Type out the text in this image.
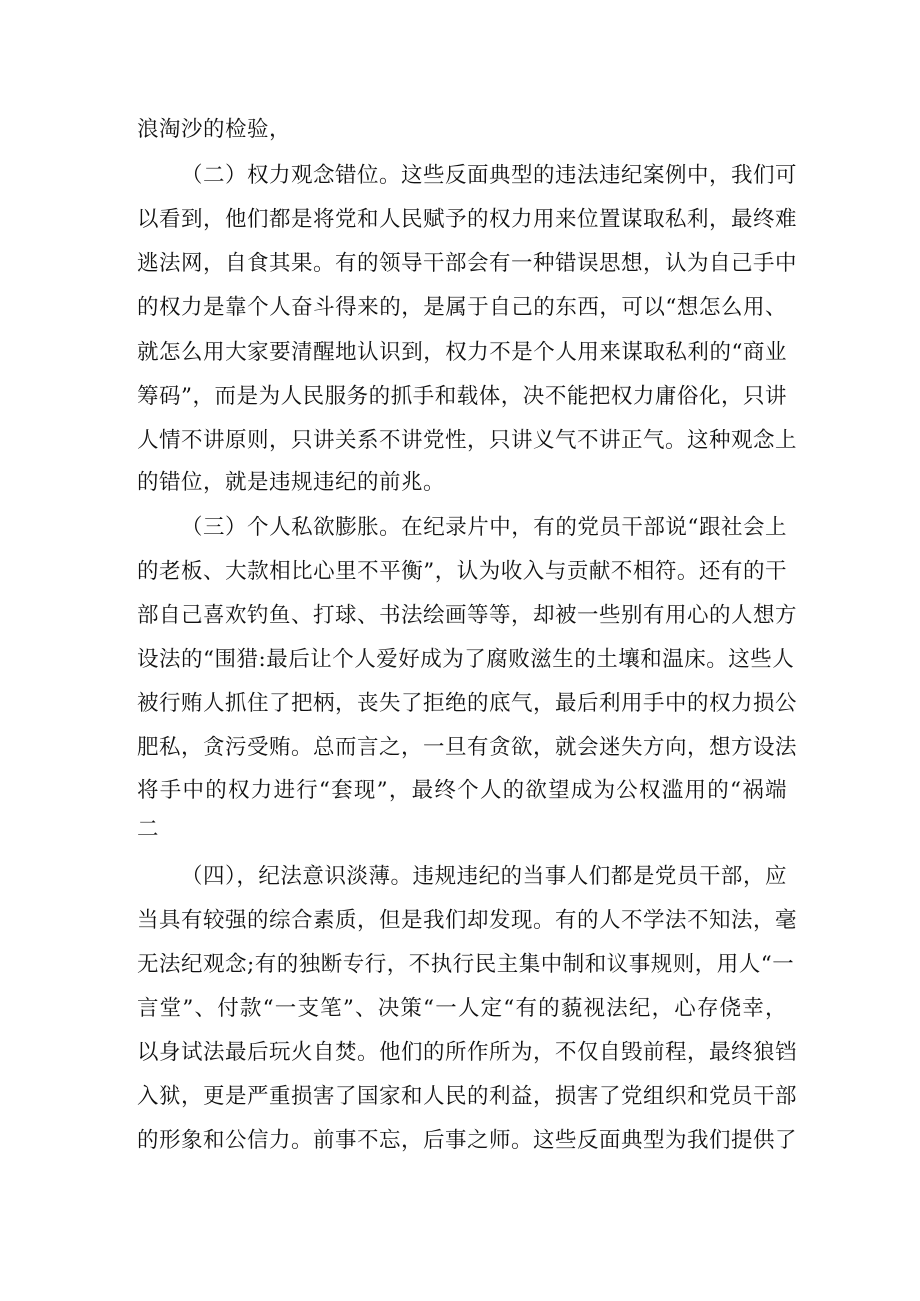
浪淘沙的检验，
（二）权力观念错位。这些反面典型的违法违纪案例中，我们可
以看到，他们都是将党和人民赋予的权力用来位置谋取私利，最终难
逃法网，自食其果。有的领导干部会有一种错误思想，认为自己手中
的权力是靠个人奋斗得来的，是属于自己的东西，可以“想怎么用、
就怎么用大家要清醒地认识到，权力不是个人用来谋取私利的“商业
筹码”，而是为人民服务的抓手和载体，决不能把权力庸俗化，只讲
人情不讲原则，只讲关系不讲党性，只讲义气不讲正气。这种观念上
的错位，就是违规违纪的前兆。
（三）个人私欲膨胀。在纪录片中，有的党员干部说“跟社会上
的老板、大款相比心里不平衡”，认为收入与贡献不相符。还有的干
部自己喜欢钓鱼、打球、书法绘画等等，却被一些别有用心的人想方
设法的“围猎:最后让个人爱好成为了腐败滋生的土壤和温床。这些人
被行贿人抓住了把柄，丧失了拒绝的底气，最后利用手中的权力损公
肥私，贪污受贿。总而言之，一旦有贪欲，就会迷失方向，想方设法
将手中的权力进行“套现”，最终个人的欲望成为公权滥用的“祸端
二
（四），纪法意识淡薄。违规违纪的当事人们都是党员干部，应
当具有较强的综合素质，但是我们却发现。有的人不学法不知法，毫
无法纪观念;有的独断专行，不执行民主集中制和议事规则，用人“一
言堂”、付款“一支笔”、决策“一人定“有的藐视法纪，心存侥幸，
以身试法最后玩火自焚。他们的所作所为，不仅自毁前程，最终狼铛
入狱，更是严重损害了国家和人民的利益，损害了党组织和党员干部
的形象和公信力。前事不忘，后事之师。这些反面典型为我们提供了
